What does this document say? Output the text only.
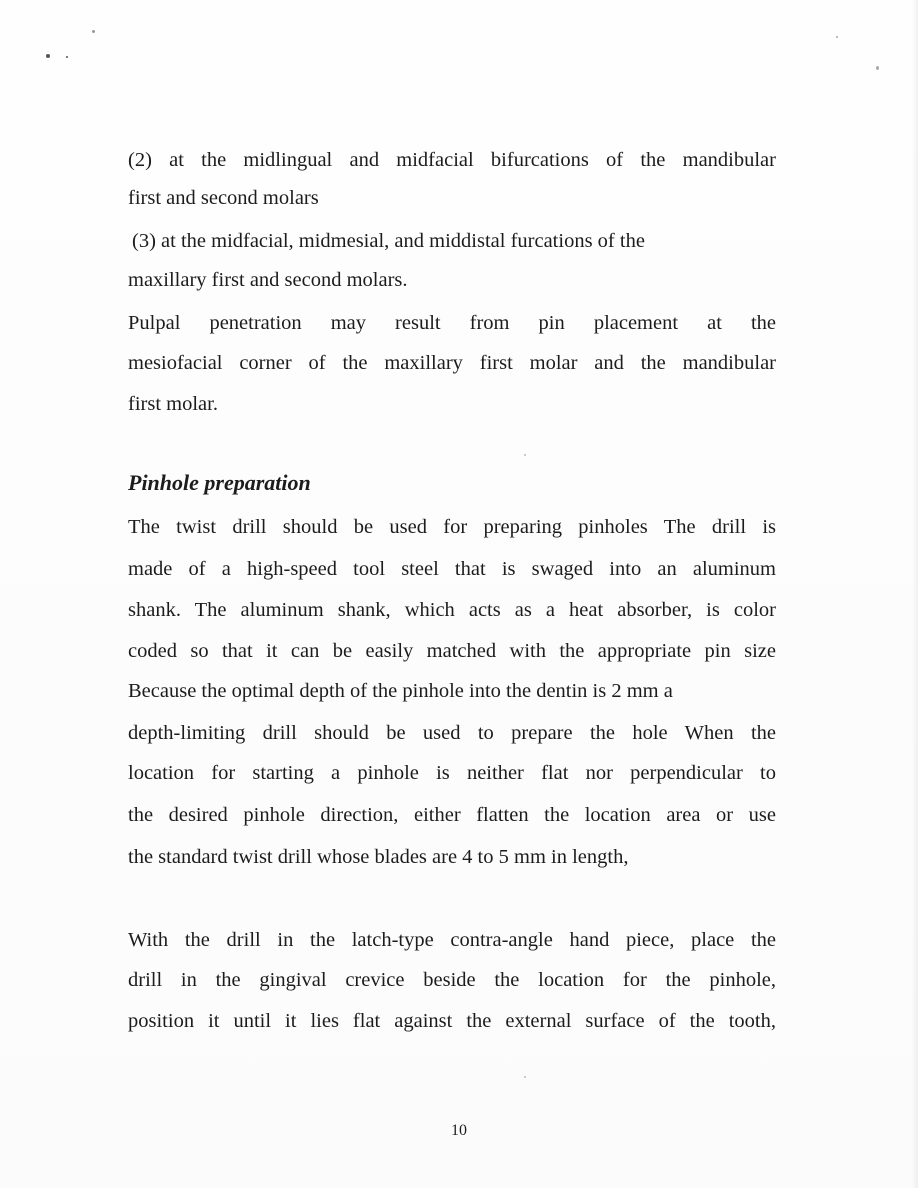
(2) at the midlingual and midfacial bifurcations of the mandibular
first and second molars
(3) at the midfacial, midmesial, and middistal furcations of the
maxillary first and second molars.
Pulpal penetration may result from pin placement at the
mesiofacial corner of the maxillary first molar and the mandibular
first molar.
Pinhole preparation
The twist drill should be used for preparing pinholes The drill is
made of a high-speed tool steel that is swaged into an aluminum
shank. The aluminum shank, which acts as a heat absorber, is color
coded so that it can be easily matched with the appropriate pin size
Because the optimal depth of the pinhole into the dentin is 2 mm a
depth-limiting drill should be used to prepare the hole When the
location for starting a pinhole is neither flat nor perpendicular to
the desired pinhole direction, either flatten the location area or use
the standard twist drill whose blades are 4 to 5 mm in length,
With the drill in the latch-type contra-angle hand piece, place the
drill in the gingival crevice beside the location for the pinhole,
position it until it lies flat against the external surface of the tooth,
10
